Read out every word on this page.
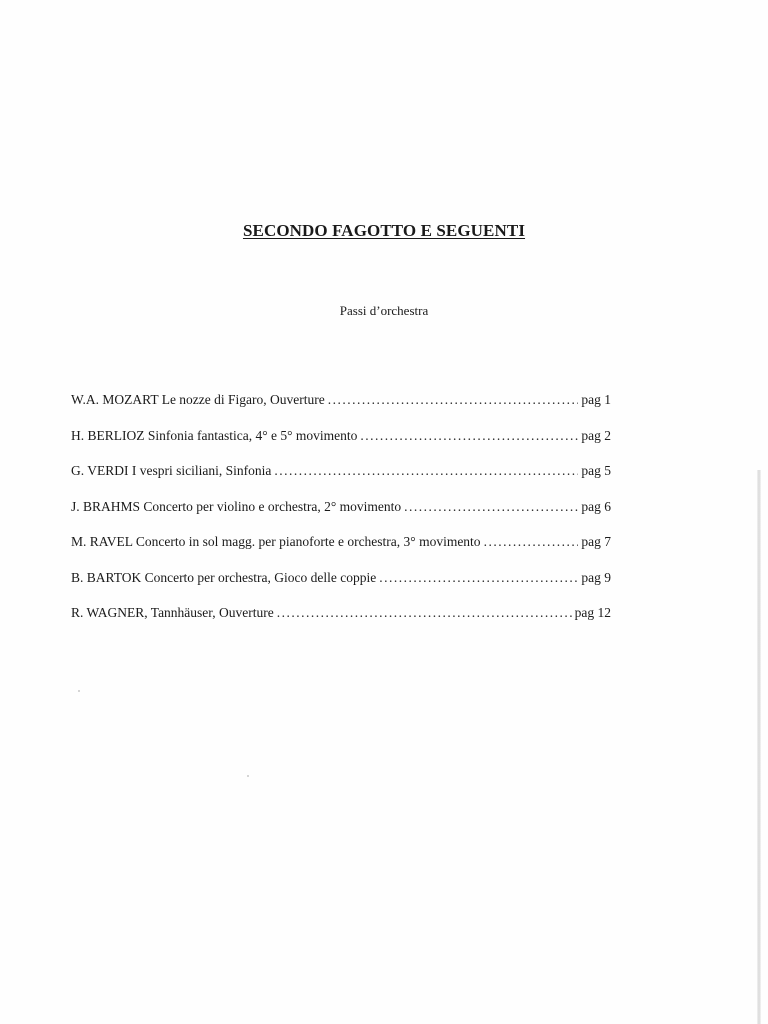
SECONDO FAGOTTO E SEGUENTI
Passi d’orchestra
W.A. MOZART Le nozze di Figaro, Ouverture .....	pag 1
H. BERLIOZ Sinfonia fantastica, 4° e 5° movimento .....	pag 2
G. VERDI I vespri siciliani, Sinfonia .....	pag 5
J. BRAHMS Concerto per violino e orchestra, 2° movimento .....	pag 6
M. RAVEL Concerto in sol magg. per pianoforte e orchestra, 3° movimento .....	pag 7
B. BARTOK Concerto per orchestra, Gioco delle coppie .....	pag 9
R. WAGNER, Tannhäuser, Ouverture .....	pag 12
